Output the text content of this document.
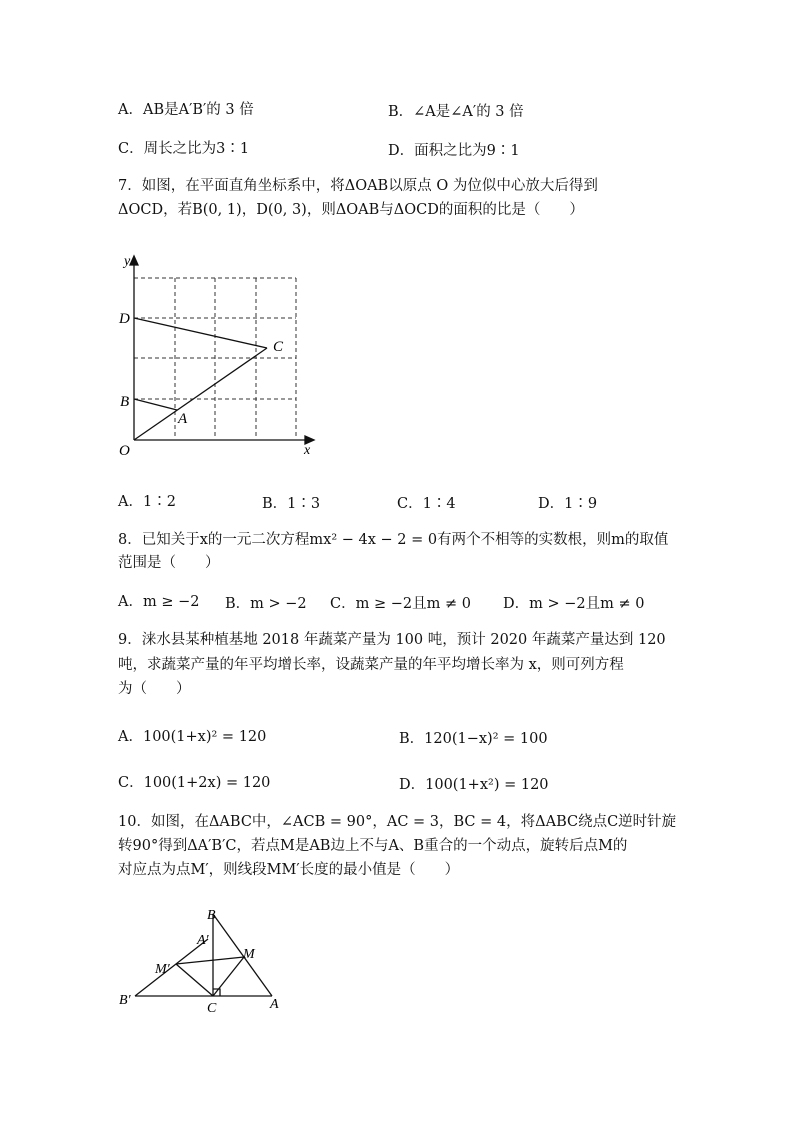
A．AB是A′B′的 3 倍	B．∠A是∠A′的 3 倍
C．周长之比为3∶1	D．面积之比为9∶1
7．如图，在平面直角坐标系中，将ΔOAB以原点 O 为位似中心放大后得到
ΔOCD，若B(0, 1)，D(0, 3)，则ΔOAB与ΔOCD的面积的比是（　　）
y
x
O
D
C
B
A
A．1∶2	B．1∶3	C．1∶4	D．1∶9
8．已知关于x的一元二次方程mx² − 4x − 2 = 0有两个不相等的实数根，则m的取值
范围是（　　）
A．m ≥ −2 B．m > −2 C．m ≥ −2且m ≠ 0 D．m > −2且m ≠ 0
9．涞水县某种植基地 2018 年蔬菜产量为 100 吨，预计 2020 年蔬菜产量达到 120
吨，求蔬菜产量的年平均增长率，设蔬菜产量的年平均增长率为 x，则可列方程
为（　　）
A．100(1+x)² = 120	B．120(1−x)² = 100
C．100(1+2x) = 120	D．100(1+x²) = 120
10．如图，在ΔABC中，∠ACB = 90°，AC = 3，BC = 4，将ΔABC绕点C逆时针旋
转90°得到ΔA′B′C，若点M是AB边上不与A、B重合的一个动点，旋转后点M的
对应点为点M′，则线段MM′长度的最小值是（　　）
B
A′
M
M′
B′
C	A
